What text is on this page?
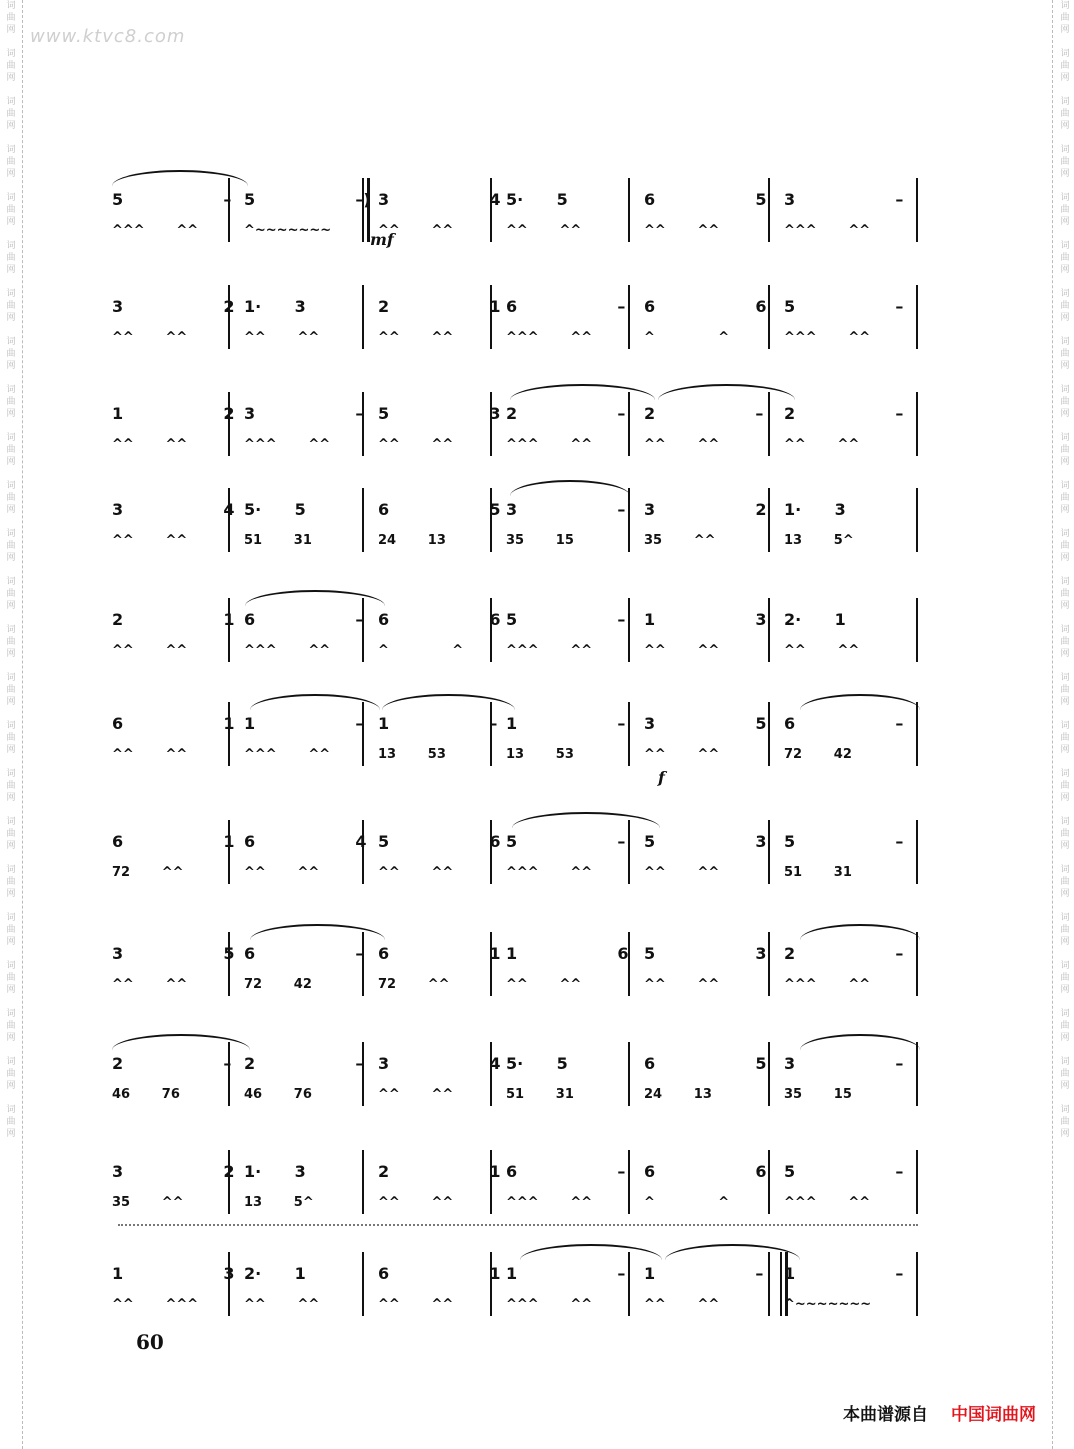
词
曲
网

词
曲
网

词
曲
网

词
曲
网

词
曲
网

词
曲
网

词
曲
网

词
曲
网

词
曲
网

词
曲
网

词
曲
网

词
曲
网

词
曲
网

词
曲
网

词
曲
网

词
曲
网

词
曲
网

词
曲
网

词
曲
网

词
曲
网

词
曲
网

词
曲
网

词
曲
网

词
曲
网

词
曲
网

词
曲
网

词
曲
网

词
曲
网

词
曲
网

词
曲
网

词
曲
网

词
曲
网

词
曲
网

词
曲
网

词
曲
网

词
曲
网

词
曲
网

词
曲
网

词
曲
网

词
曲
网

词
曲
网

词
曲
网

词
曲
网

词
曲
网

词
曲
网

词
曲
网

词
曲
网

词
曲
网

www.ktvc8.com
5                  –
^^^       ^^
5                  –)
^~~~~~~~
3                  4
^^       ^^
5·      5
^^       ^^
6                  5
^^       ^^
3                  –
^^^       ^^
mf
3                  2
^^       ^^
1·      3
^^       ^^
2                  1
^^       ^^
6                  –
^^^       ^^
6                  6
^              ^
5                  –
^^^       ^^
1                  2
^^       ^^
3                  –
^^^       ^^
5                  3
^^       ^^
2                  –
^^^       ^^
2                  –
^^       ^^
2                  –
^^       ^^
3                  4
^^       ^^
5·      5
51       31
6                  5
24       13
3                  –
35       15
3                  2
35       ^^
1·      3
13       5^
2                  1
^^       ^^
6                  –
^^^       ^^
6                  6
^              ^
5                  –
^^^       ^^
1                  3
^^       ^^
2·      1
^^       ^^
6                  1
^^       ^^
1                  –
^^^       ^^
1                  –
13       53
1                  –
13       53
3                  5
^^       ^^
6                  –
72       42
f
6                  1
72       ^^
6                  4
^^       ^^
5                  6
^^       ^^
5                  –
^^^       ^^
5                  3
^^       ^^
5                  –
51       31
3                  5
^^       ^^
6                  –
72       42
6                  1
72       ^^
1                  6
^^       ^^
5                  3
^^       ^^
2                  –
^^^       ^^
2                  –
46       76
2                  –
46       76
3                  4
^^       ^^
5·      5
51       31
6                  5
24       13
3                  –
35       15
3                  2
35       ^^
1·      3
13       5^
2                  1
^^       ^^
6                  –
^^^       ^^
6                  6
^              ^
5                  –
^^^       ^^
1                  3
^^       ^^^
2·      1
^^       ^^
6                  1
^^       ^^
1                  –
^^^       ^^
1                  –
^^       ^^
1                  –
^~~~~~~~
60
本曲谱源自 中国词曲网
